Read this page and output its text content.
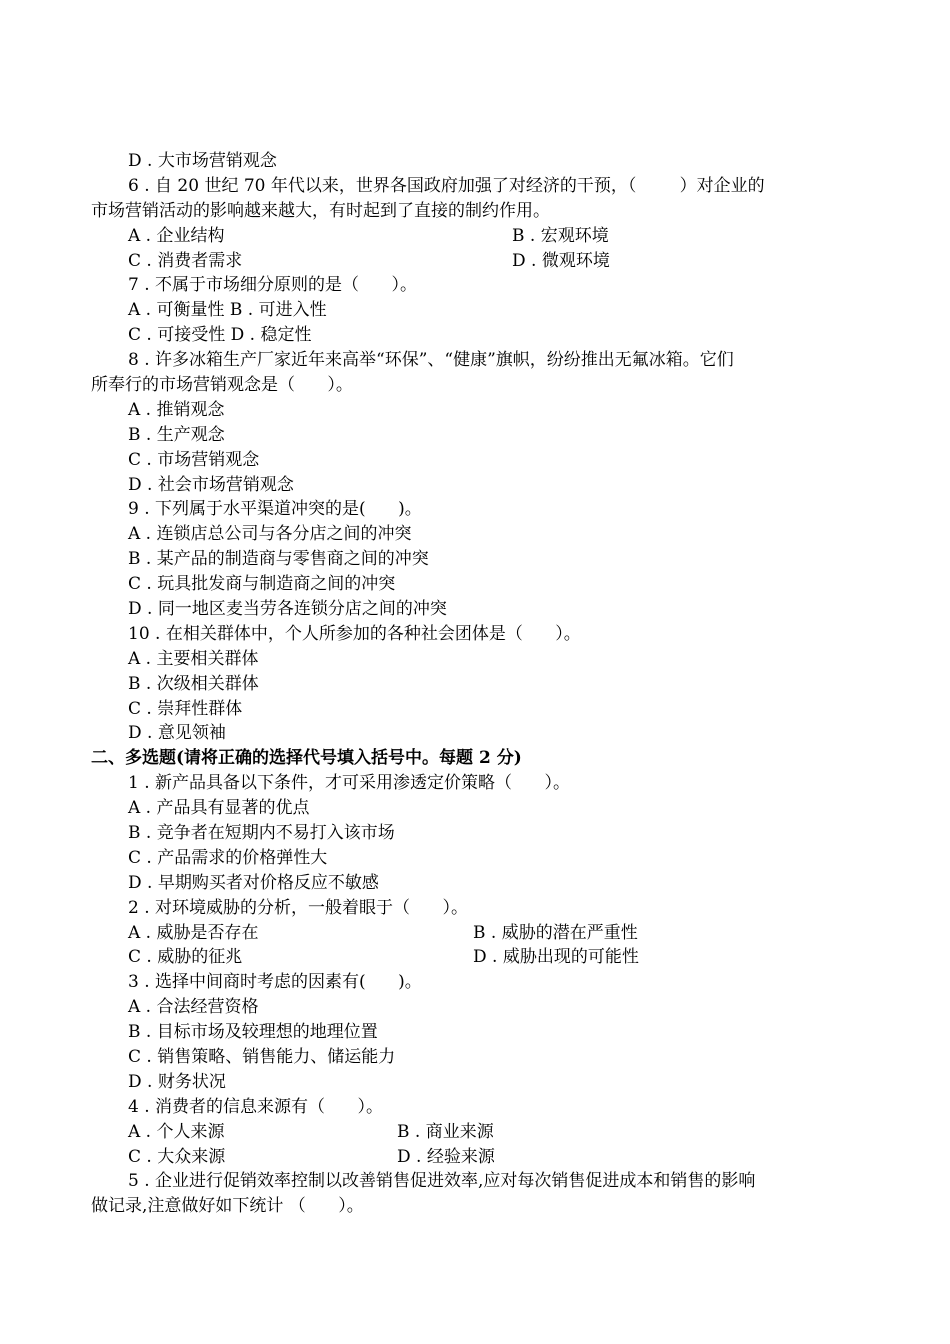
D . 大市场营销观念
6 . 自 20 世纪 70 年代以来，世界各国政府加强了对经济的干预，（        ）对企业的
市场营销活动的影响越来越大，有时起到了直接的制约作用。
A . 企业结构	B . 宏观环境
C . 消费者需求	D . 微观环境
7 . 不属于市场细分原则的是（      ）。
A . 可衡量性 B . 可进入性
C . 可接受性 D . 稳定性
8 . 许多冰箱生产厂家近年来高举“环保”、“健康”旗帜，纷纷推出无氟冰箱。它们
所奉行的市场营销观念是（      ）。
A . 推销观念
B . 生产观念
C . 市场营销观念
D . 社会市场营销观念
9 . 下列属于水平渠道冲突的是(      )。
A . 连锁店总公司与各分店之间的冲突
B . 某产品的制造商与零售商之间的冲突
C . 玩具批发商与制造商之间的冲突
D . 同一地区麦当劳各连锁分店之间的冲突
10 . 在相关群体中，个人所参加的各种社会团体是（      ）。
A . 主要相关群体
B . 次级相关群体
C . 崇拜性群体
D . 意见领袖
二、多选题(请将正确的选择代号填入括号中。每题 2 分)
1 . 新产品具备以下条件，才可采用渗透定价策略（      ）。
A . 产品具有显著的优点
B . 竞争者在短期内不易打入该市场
C . 产品需求的价格弹性大
D . 早期购买者对价格反应不敏感
2 . 对环境威胁的分析，一般着眼于（      ）。
A . 威胁是否存在	B . 威胁的潜在严重性
C . 威胁的征兆	D . 威胁出现的可能性
3 . 选择中间商时考虑的因素有(      )。
A . 合法经营资格
B . 目标市场及较理想的地理位置
C . 销售策略、销售能力、储运能力
D . 财务状况
4 . 消费者的信息来源有（      ）。
A . 个人来源	B . 商业来源
C . 大众来源	D . 经验来源
5 . 企业进行促销效率控制以改善销售促进效率,应对每次销售促进成本和销售的影响
做记录,注意做好如下统计 （      ）。
